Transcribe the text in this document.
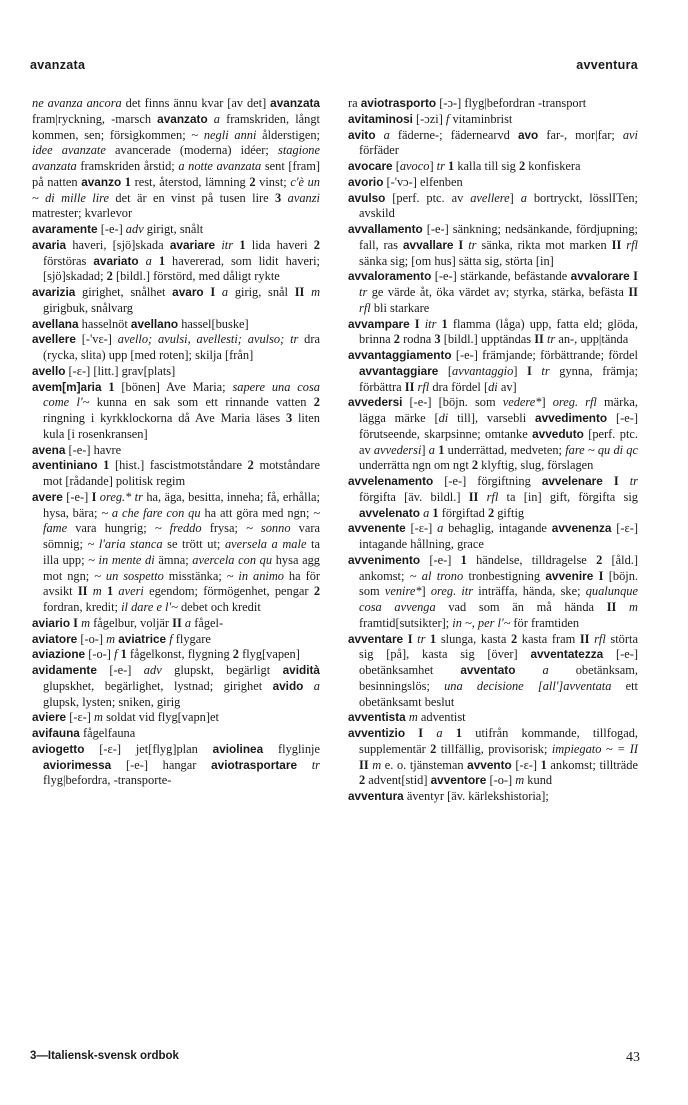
avanzata	avventura

ne avanza ancora det finns ännu kvar [av det] avanzata fram|ryckning, -marsch avanzato a framskriden, långt kommen, sen; försigkommen; ~ negli anni ålderstigen; idee avanzate avancerade (moderna) idéer; stagione avanzata framskriden årstid; a notte avanzata sent [fram] på natten avanzo 1 rest, återstod, lämning 2 vinst; c'è un ~ di mille lire det är en vinst på tusen lire 3 avanzi matrester; kvarlevor

avaramente [-e-] adv girigt, snålt

avaria haveri, [sjö]skada avariare itr 1 lida haveri 2 förstöras avariato a 1 havererad, som lidit haveri; [sjö]skadad; 2 [bildl.] förstörd, med dåligt rykte

avarizia girighet, snålhet avaro I a girig, snål II m girigbuk, snålvarg

avellana hasselnöt avellano hassel[buske]

avellere [-'vɛ-] avello; avulsi, avellesti; avulso; tr dra (rycka, slita) upp [med roten]; skilja [från]

avello [-ɛ-] [litt.] grav[plats]

avem[m]aria 1 [bönen] Ave Maria; sapere una cosa come l'~ kunna en sak som ett rinnande vatten 2 ringning i kyrkklockorna då Ave Maria läses 3 liten kula [i rosenkransen]

avena [-e-] havre

aventiniano 1 [hist.] fascistmotståndare 2 motståndare mot [rådande] politisk regim

avere [-e-] I oreg.* tr ha, äga, besitta, inneha; få, erhålla; hysa, bära; ~ a che fare con qu ha att göra med ngn; ~ fame vara hungrig; ~ freddo frysa; ~ sonno vara sömnig; ~ l'aria stanca se trött ut; aversela a male ta illa upp; ~ in mente di ämna; avercela con qu hysa agg mot ngn; ~ un sospetto misstänka; ~ in animo ha för avsikt II m 1 averi egendom; förmögenhet, pengar 2 fordran, kredit; il dare e l'~ debet och kredit

aviario I m fågelbur, voljär II a fågel-

aviatore [-o-] m aviatrice f flygare

aviazione [-o-] f 1 fågelkonst, flygning 2 flyg[vapen]

avidamente [-e-] adv glupskt, begärligt avidità glupskhet, begärlighet, lystnad; girighet avido a glupsk, lysten; sniken, girig

aviere [-ɛ-] m soldat vid flyg[vapn]et

avifauna fågelfauna

aviogetto [-ɛ-] jet[flyg]plan aviolinea flyglinje aviorimessa [-e-] hangar aviotrasportare tr flyg|befordra, -transporte-

ra aviotrasporto [-ɔ-] flyg|befordran -transport

avitaminosi [-ɔzi] f vitaminbrist

avito a fäderne-; fädernearvd avo far-, mor|far; avi förfäder

avocare [avoco] tr 1 kalla till sig 2 konfiskera

avorio [-'vɔ-] elfenben

avulso [perf. ptc. av avellere] a bortryckt, lösslITen; avskild

avvallamento [-e-] sänkning; nedsänkande, fördjupning; fall, ras avvallare I tr sänka, rikta mot marken II rfl sänka sig; [om hus] sätta sig, störta [in]

avvaloramento [-e-] stärkande, befästande avvalorare I tr ge värde åt, öka värdet av; styrka, stärka, befästa II rfl bli starkare

avvampare I itr 1 flamma (låga) upp, fatta eld; glöda, brinna 2 rodna 3 [bildl.] upptändas II tr an-, upp|tända

avvantaggiamento [-e-] främjande; förbättrande; fördel avvantaggiare [avvantaggio] I tr gynna, främja; förbättra II rfl dra fördel [di av]

avvedersi [-e-] [böjn. som vedere*] oreg. rfl märka, lägga märke [di till], varsebli avvedimento [-e-] förutseende, skarpsinne; omtanke avveduto [perf. ptc. av avvedersi] a 1 underrättad, medveten; fare ~ qu di qc underrätta ngn om ngt 2 klyftig, slug, förslagen

avvelenamento [-e-] förgiftning avvelenare I tr förgifta [äv. bildl.] II rfl ta [in] gift, förgifta sig avvelenato a 1 förgiftad 2 giftig

avvenente [-ɛ-] a behaglig, intagande avvenenza [-ɛ-] intagande hållning, grace

avvenimento [-e-] 1 händelse, tilldragelse 2 [åld.] ankomst; ~ al trono tronbestigning avvenire I [böjn. som venire*] oreg. itr inträffa, hända, ske; qualunque cosa avvenga vad som än må hända II m framtid[sutsikter]; in ~, per l'~ för framtiden

avventare I tr 1 slunga, kasta 2 kasta fram II rfl störta sig [på], kasta sig [över] avventatezza [-e-] obetänksamhet avventato a obetänksam, besinningslös; una decisione [all']avventata ett obetänksamt beslut

avventista m adventist

avventizio I a 1 utifrån kommande, tillfogad, supplementär 2 tillfällig, provisorisk; impiegato ~ = II II m e. o. tjänsteman avvento [-ɛ-] 1 ankomst; tillträde 2 advent[stid] avventore [-o-] m kund

avventura äventyr [äv. kärlekshistoria];

3—Italiensk-svensk ordbok	43
